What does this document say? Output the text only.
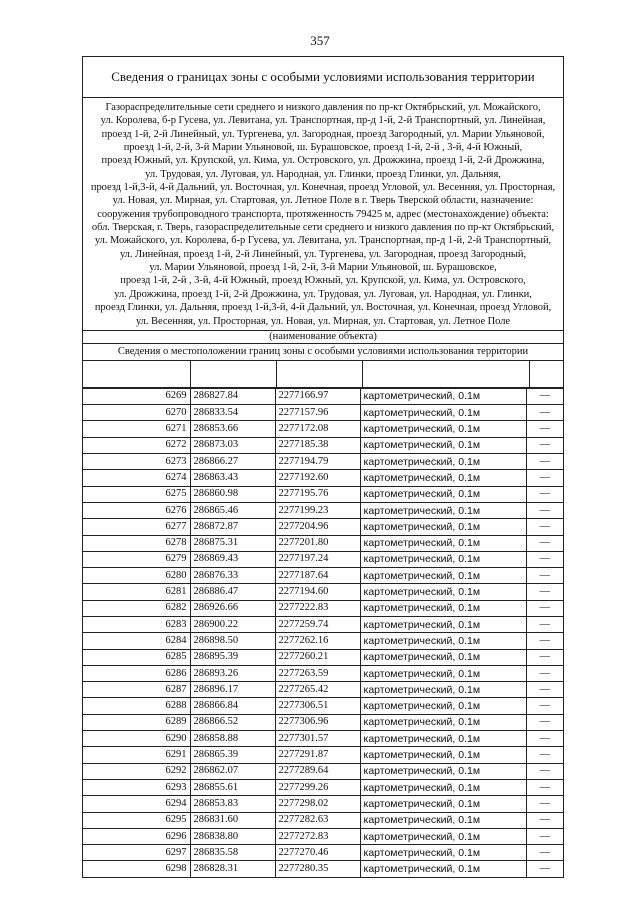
357
Сведения о границах зоны с особыми условиями использования территории
Газораспределительные сети среднего и низкого давления по пр-кт Октябрьский, ул. Можайского,
ул. Королева, б-р Гусева, ул. Левитана, ул. Транспортная, пр-д 1-й, 2-й Транспортный, ул. Линейная,
проезд 1-й, 2-й Линейный, ул. Тургенева, ул. Загородная, проезд Загородный, ул. Марии Ульяновой,
проезд 1-й, 2-й, 3-й Марии Ульяновой, ш. Бурашовское, проезд 1-й, 2-й , 3-й, 4-й Южный,
проезд Южный, ул. Крупской, ул. Кима, ул. Островского, ул. Дрожжина, проезд 1-й, 2-й Дрожжина,
ул. Трудовая, ул. Луговая, ул. Народная, ул. Глинки, проезд Глинки, ул. Дальняя,
проезд 1-й,3-й, 4-й Дальний, ул. Восточная, ул. Конечная, проезд Угловой, ул. Весенняя, ул. Просторная,
ул. Новая, ул. Мирная, ул. Стартовая, ул. Летное Поле в г. Тверь Тверской области, назначение:
сооружения трубопроводного транспорта, протяженность 79425 м, адрес (местонахождение) объекта:
обл. Тверская, г. Тверь, газораспределительные сети среднего и низкого давления по пр-кт Октябрьский,
ул. Можайского, ул. Королева, б-р Гусева, ул. Левитана, ул. Транспортная, пр-д 1-й, 2-й Транспортный,
ул. Линейная, проезд 1-й, 2-й Линейный, ул. Тургенева, ул. Загородная, проезд Загородный,
ул. Марии Ульяновой, проезд 1-й, 2-й, 3-й Марии Ульяновой, ш. Бурашовское,
проезд 1-й, 2-й , 3-й, 4-й Южный, проезд Южный, ул. Крупской, ул. Кима, ул. Островского,
ул. Дрожжина, проезд 1-й, 2-й Дрожжина, ул. Трудовая, ул. Луговая, ул. Народная, ул. Глинки,
проезд Глинки, ул. Дальняя, проезд 1-й,3-й, 4-й Дальний, ул. Восточная, ул. Конечная, проезд Угловой,
ул. Весенняя, ул. Просторная, ул. Новая, ул. Мирная, ул. Стартовая, ул. Летное Поле
(наименование объекта)
Сведения о местоположении границ зоны с особыми условиями использования территории
6269	286827.84	2277166.97	картометрический, 0.1м	—
6270	286833.54	2277157.96	картометрический, 0.1м	—
6271	286853.66	2277172.08	картометрический, 0.1м	—
6272	286873.03	2277185.38	картометрический, 0.1м	—
6273	286866.27	2277194.79	картометрический, 0.1м	—
6274	286863.43	2277192.60	картометрический, 0.1м	—
6275	286860.98	2277195.76	картометрический, 0.1м	—
6276	286865.46	2277199.23	картометрический, 0.1м	—
6277	286872.87	2277204.96	картометрический, 0.1м	—
6278	286875.31	2277201.80	картометрический, 0.1м	—
6279	286869.43	2277197.24	картометрический, 0.1м	—
6280	286876.33	2277187.64	картометрический, 0.1м	—
6281	286886.47	2277194.60	картометрический, 0.1м	—
6282	286926.66	2277222.83	картометрический, 0.1м	—
6283	286900.22	2277259.74	картометрический, 0.1м	—
6284	286898.50	2277262.16	картометрический, 0.1м	—
6285	286895.39	2277260.21	картометрический, 0.1м	—
6286	286893.26	2277263.59	картометрический, 0.1м	—
6287	286896.17	2277265.42	картометрический, 0.1м	—
6288	286866.84	2277306.51	картометрический, 0.1м	—
6289	286866.52	2277306.96	картометрический, 0.1м	—
6290	286858.88	2277301.57	картометрический, 0.1м	—
6291	286865.39	2277291.87	картометрический, 0.1м	—
6292	286862.07	2277289.64	картометрический, 0.1м	—
6293	286855.61	2277299.26	картометрический, 0.1м	—
6294	286853.83	2277298.02	картометрический, 0.1м	—
6295	286831.60	2277282.63	картометрический, 0.1м	—
6296	286838.80	2277272.83	картометрический, 0.1м	—
6297	286835.58	2277270.46	картометрический, 0.1м	—
6298	286828.31	2277280.35	картометрический, 0.1м	—
